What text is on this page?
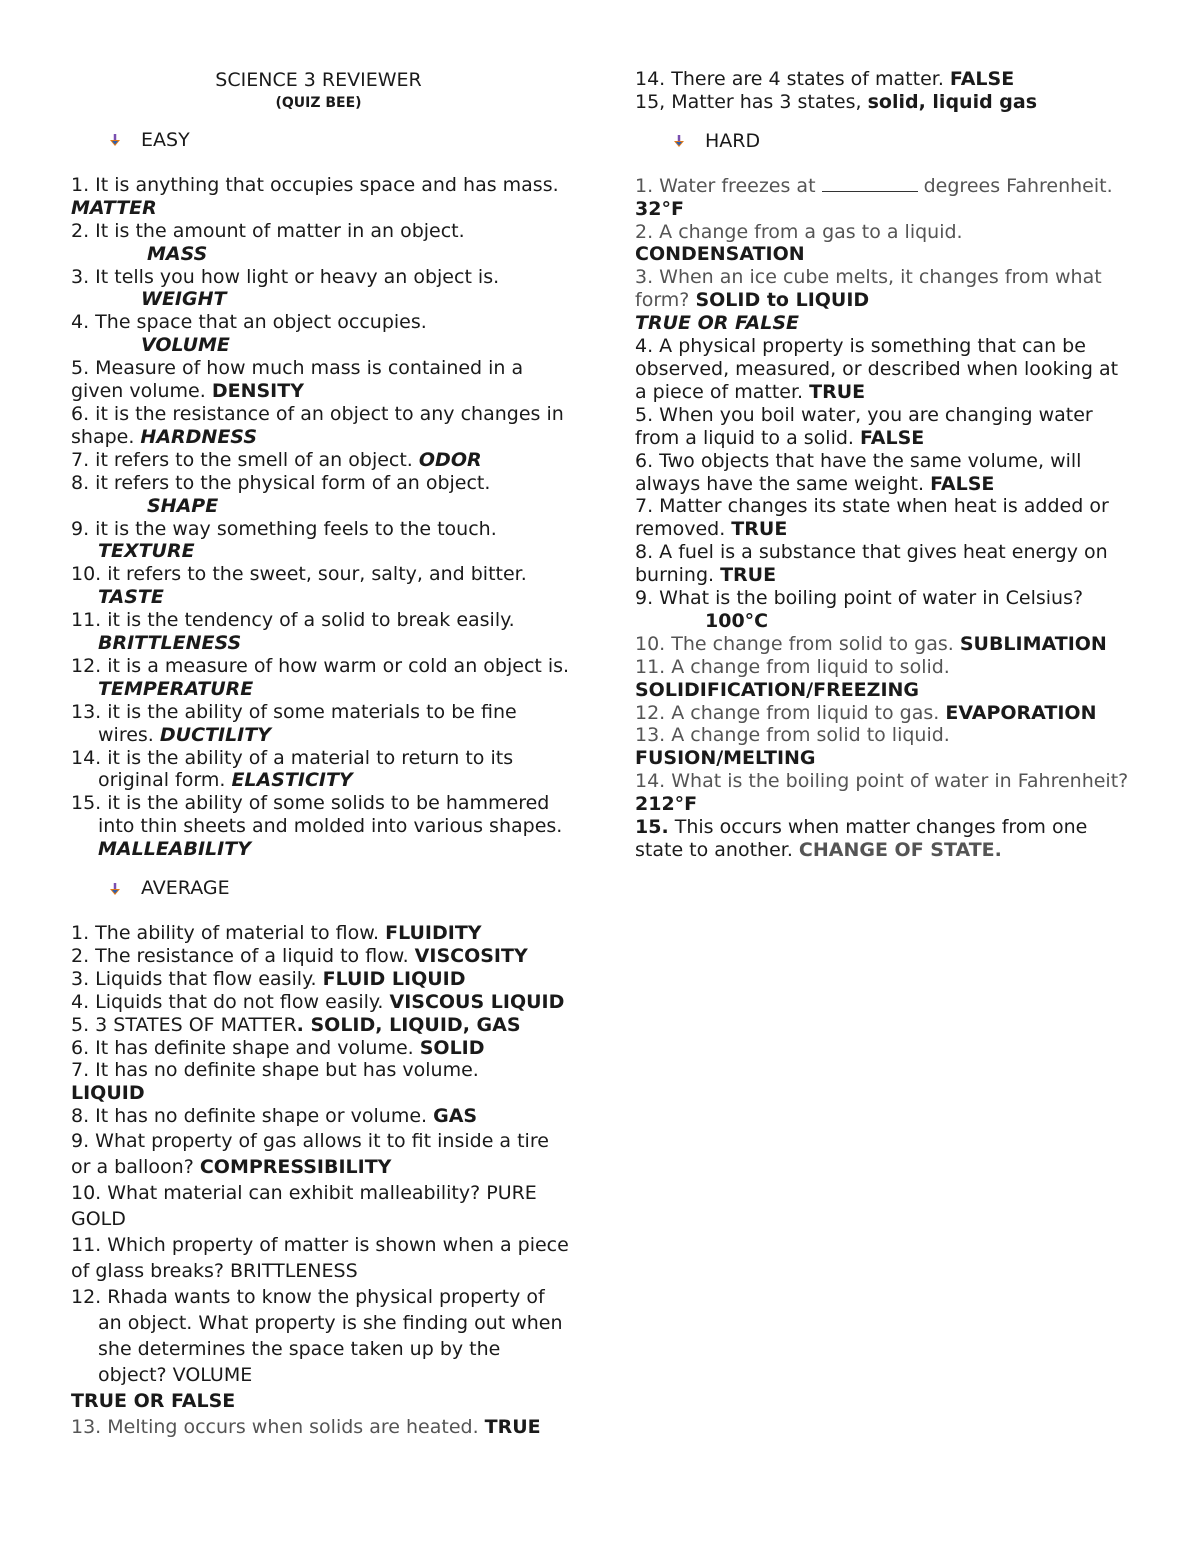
SCIENCE 3 REVIEWER
(QUIZ BEE)
EASY
1. It is anything that occupies space and has mass. MATTER
2. It is the amount of matter in an object.
MASS
3. It tells you how light or heavy an object is.
WEIGHT
4. The space that an object occupies.
VOLUME
5. Measure of how much mass is contained in a given volume. DENSITY
6. it is the resistance of an object to any changes in shape. HARDNESS
7. it refers to the smell of an object. ODOR
8. it refers to the physical form of an object.
SHAPE
9. it is the way something feels to the touch.
TEXTURE
10. it refers to the sweet, sour, salty, and bitter.
TASTE
11. it is the tendency of a solid to break easily.
BRITTLENESS
12. it is a measure of how warm or cold an object is. TEMPERATURE
13. it is the ability of some materials to be fine wires. DUCTILITY
14. it is the ability of a material to return to its original form. ELASTICITY
15. it is the ability of some solids to be hammered into thin sheets and molded into various shapes. MALLEABILITY
AVERAGE
1. The ability of material to flow. FLUIDITY
2. The resistance of a liquid to flow. VISCOSITY
3. Liquids that flow easily. FLUID LIQUID
4. Liquids that do not flow easily. VISCOUS LIQUID
5. 3 STATES OF MATTER. SOLID, LIQUID, GAS
6. It has definite shape and volume. SOLID
7. It has no definite shape but has volume.
LIQUID
8. It has no definite shape or volume. GAS
9. What property of gas allows it to fit inside a tire or a balloon? COMPRESSIBILITY
10. What material can exhibit malleability? PURE GOLD
11. Which property of matter is shown when a piece of glass breaks? BRITTLENESS
12. Rhada wants to know the physical property of an object. What property is she finding out when she determines the space taken up by the object? VOLUME
TRUE OR FALSE
13. Melting occurs when solids are heated. TRUE
14. There are 4 states of matter. FALSE
15, Matter has 3 states, solid, liquid gas
HARD
1. Water freezes at	degrees Fahrenheit.
32°F
2. A change from a gas to a liquid.
CONDENSATION
3. When an ice cube melts, it changes from what form? SOLID to LIQUID
TRUE OR FALSE
4. A physical property is something that can be observed, measured, or described when looking at a piece of matter. TRUE
5. When you boil water, you are changing water from a liquid to a solid. FALSE
6. Two objects that have the same volume, will always have the same weight. FALSE
7. Matter changes its state when heat is added or removed. TRUE
8. A fuel is a substance that gives heat energy on burning. TRUE
9. What is the boiling point of water in Celsius?
100°C
10. The change from solid to gas. SUBLIMATION
11. A change from liquid to solid.
SOLIDIFICATION/FREEZING
12. A change from liquid to gas. EVAPORATION
13. A change from solid to liquid.
FUSION/MELTING
14. What is the boiling point of water in Fahrenheit? 212°F
15. This occurs when matter changes from one state to another. CHANGE OF STATE.
